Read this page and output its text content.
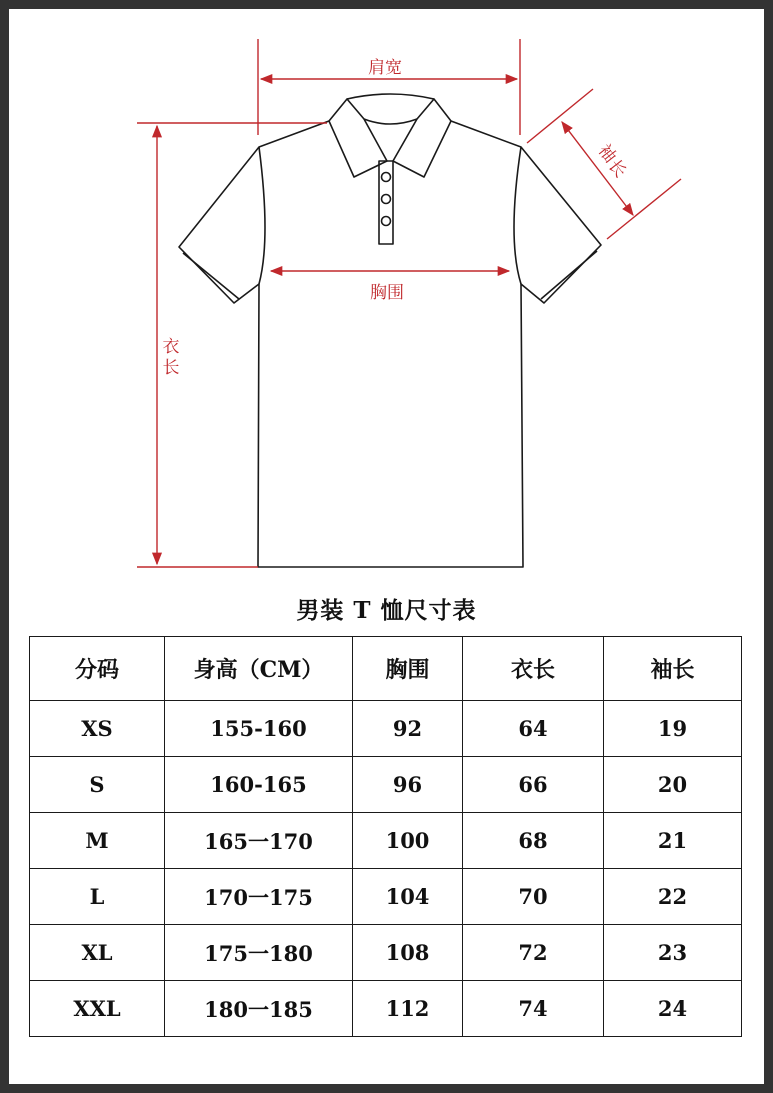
肩宽
胸围
衣
长
袖
长
男装 T 恤尺寸表
分码	身高（CM）	胸围	衣长	袖长
XS	155-160	92	64	19
S	160-165	96	66	20
M	165一170	100	68	21
L	170一175	104	70	22
XL	175一180	108	72	23
XXL	180一185	112	74	24
